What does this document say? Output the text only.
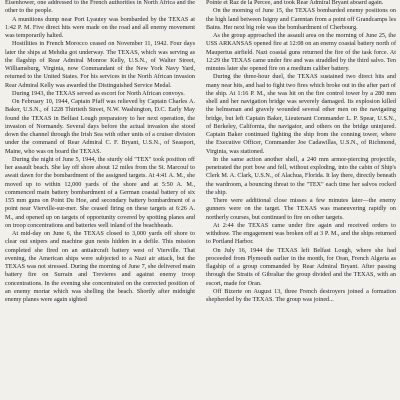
Eisenhower, one addressed to the French authorities in North Africa and the other to the people.

A munitions dump near Port Lyautey was bombarded by the TEXAS at 1:42 P. M. Five direct hits were made on the road and all enemy movement was temporarily halted.

Hostilities in French Morocco ceased on November 11, 1942. Four days later the ships at Mehdia got underway. The TEXAS, which was serving as the flagship of Rear Admiral Monroe Kelly, U.S.N., of Walter Street, Williamsburg, Virginia, now Commandant of the New York Navy Yard, returned to the United States. For his services in the North African invasion Rear Admiral Kelly was awarded the Distinguished Service Medal.

During 1943, the TEXAS served as escort for North African convoys.

On February 10, 1944, Captain Pfaff was relieved by Captain Charles A. Baker, U.S.N., of 1228 Thirtieth Street, N.W. Washington, D.C. Early May found the TEXAS in Belfast Lough preparatory to her next operation, the invasion of Normandy. Several days before the actual invasion she stood down the channel through the Irish Sea with other units of a cruiser division under the command of Rear Admiral C. F. Bryant, U.S.N., of Seasport, Maine, who was on board the TEXAS.

During the night of June 5, 1944, the sturdy old "TEX" took position off her assault beach. She lay off shore about 12 miles from the St. Marcouf to await dawn for the bombardment of the assigned targets. At 4:41 A. M., she moved up to within 12,000 yards of the shore and at 5:50 A. M., commenced main battery bombardment of a German coastal battery of six 155 mm guns on Point Du Hoe, and secondary battery bombardment of a point near Vierville-sur-mer. She ceased firing on these targets at 6:26 A. M., and opened up on targets of opportunity covered by spotting planes and on troop concentrations and batteries well inland of the beachheads.

At mid-day on June 6, the TEXAS closed to 3,000 yards off shore to clear out snipers and machine gun nests hidden in a defile. This mission completed she fired on an antiaircraft battery west of Vierville. That evening, the American ships were subjected to a Nazi air attack, but the TEXAS was not stressed. During the morning of June 7, she delivered main battery fire on Surrain and Trevieres and against enemy troop concentrations. In the evening she concentrated on the corrected position of an enemy mortar which was shelling the beach. Shortly after midnight enemy planes were again sighted

Pointe et Raz de la Percee, and took Rear Admiral Bryant aboard again.

On the morning of June 15, the TEXAS bombarded enemy positions on the high land between Isigny and Carentan from a point off Grandcamps les Bains. Her next big role was the bombardment of Cherbourg.

As the group approached the assault area on the morning of June 25, the USS ARKANSAS opened fire at 12:08 on an enemy coastal battery north of Maupertus airfield. Nazi coastal guns returned the fire of the task force. At 12:29 the TEXAS came under fire and was straddled by the third salvo. Ten minutes later she opened fire on a medium caliber battery.

During the three-hour duel, the TEXAS sustained two direct hits and many near hits, and had to fight two fires which broke out in the after part of the ship. At 1:16 P. M., she was hit on the fire control tower by a 280 mm shell and her navigation bridge was severely damaged. Its explosion killed the helmsman and gravely wounded several other men on the navigating bridge, but left Captain Baker, Lieutenant Commander L. P. Spear, U.S.N., of Berkeley, California, the navigator, and others on the bridge uninjured. Captain Baker continued fighting the ship from the conning tower, where the Executive Officer, Commander Joe Cadawillas, U.S.N., of Richmond, Virginia, was stationed.

In the same action another shell, a 240 mm armor-piercing projectile, penetrated the port bow and fell, without exploding, into the cabin of Ship's Clerk M. A. Clark, U.S.N., of Alachua, Florida. It lay there, directly beneath the wardroom, a bouncing threat to the "TEX" each time her salvos rocked the ship.

There were additional close misses a few minutes later—the enemy gunners were on the target. The TEXAS was maneuvering rapidly on northerly courses, but continued to fire on other targets.

At 2:44 the TEXAS came under fire again and received orders to withdraw. The engagement was broken off at 3 P. M., and the ships returned to Portland Harbor.

On July 16, 1944 the TEXAS left Belfast Lough, where she had proceeded from Plymouth earlier in the month, for Oran, French Algeria as flagship of a group commanded by Rear Admiral Bryant. After passing through the Straits of Gibraltar the group divided and the TEXAS, with an escort, made for Oran.

Off Bizerte on August 13, three French destroyers joined a formation shepherded by the TEXAS. The group was joined...
